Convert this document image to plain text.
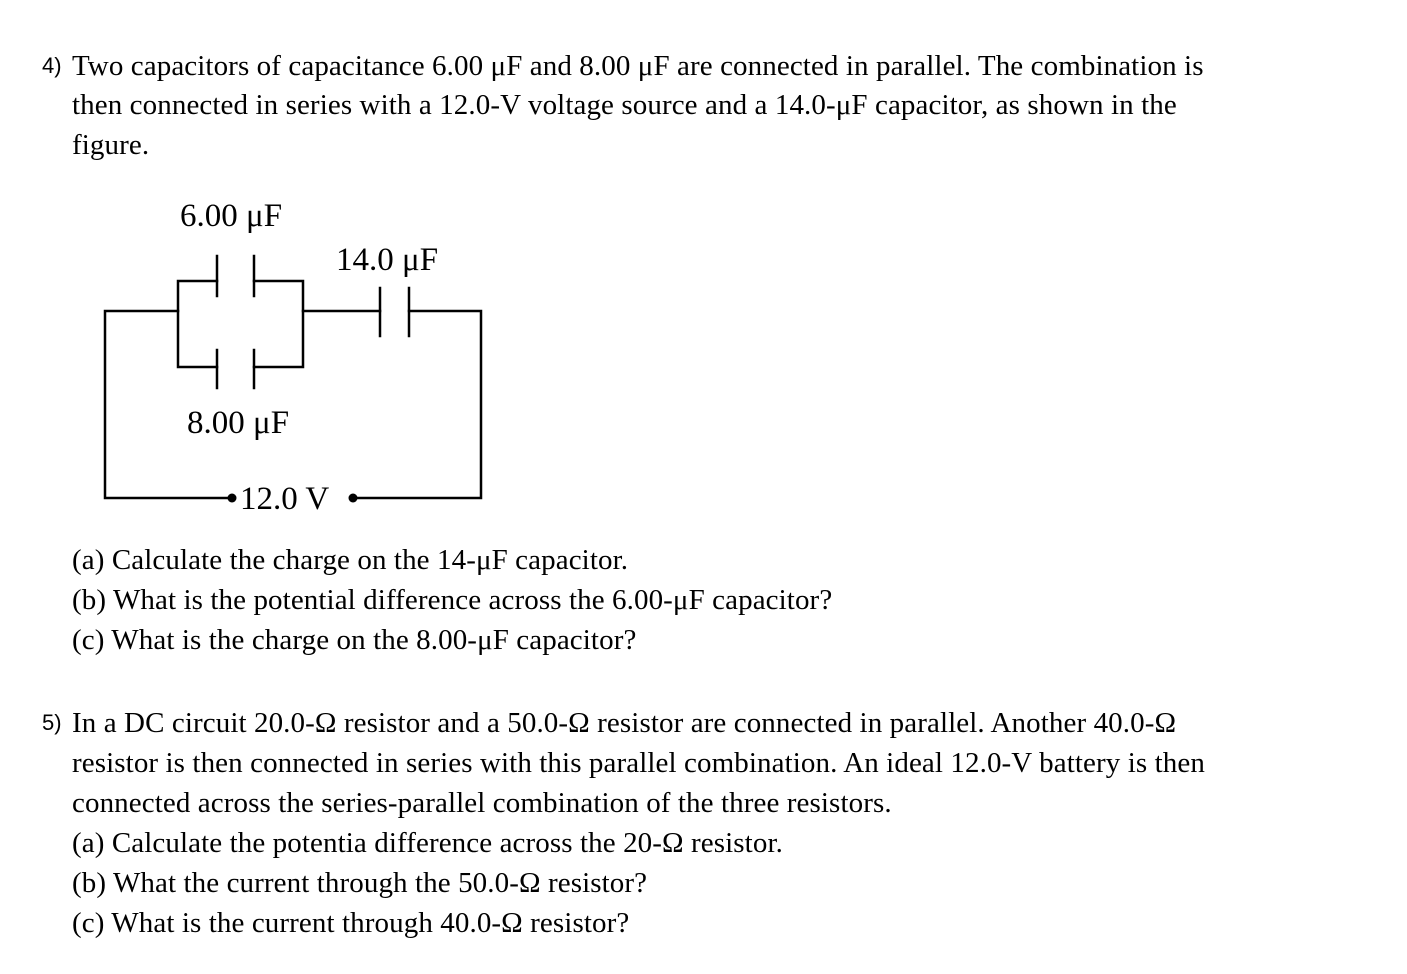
4) Two capacitors of capacitance 6.00 μF and 8.00 μF are connected in parallel. The combination is
then connected in series with a 12.0-V voltage source and a 14.0-μF capacitor, as shown in the
figure.
6.00 μF
14.0 μF
8.00 μF
12.0 V
(a) Calculate the charge on the 14-μF capacitor.
(b) What is the potential difference across the 6.00-μF capacitor?
(c) What is the charge on the 8.00-μF capacitor?
5) In a DC circuit 20.0-Ω resistor and a 50.0-Ω resistor are connected in parallel. Another 40.0-Ω
resistor is then connected in series with this parallel combination. An ideal 12.0-V battery is then
connected across the series-parallel combination of the three resistors.
(a) Calculate the potentia difference across the 20-Ω resistor.
(b) What the current through the 50.0-Ω resistor?
(c) What is the current through 40.0-Ω resistor?
